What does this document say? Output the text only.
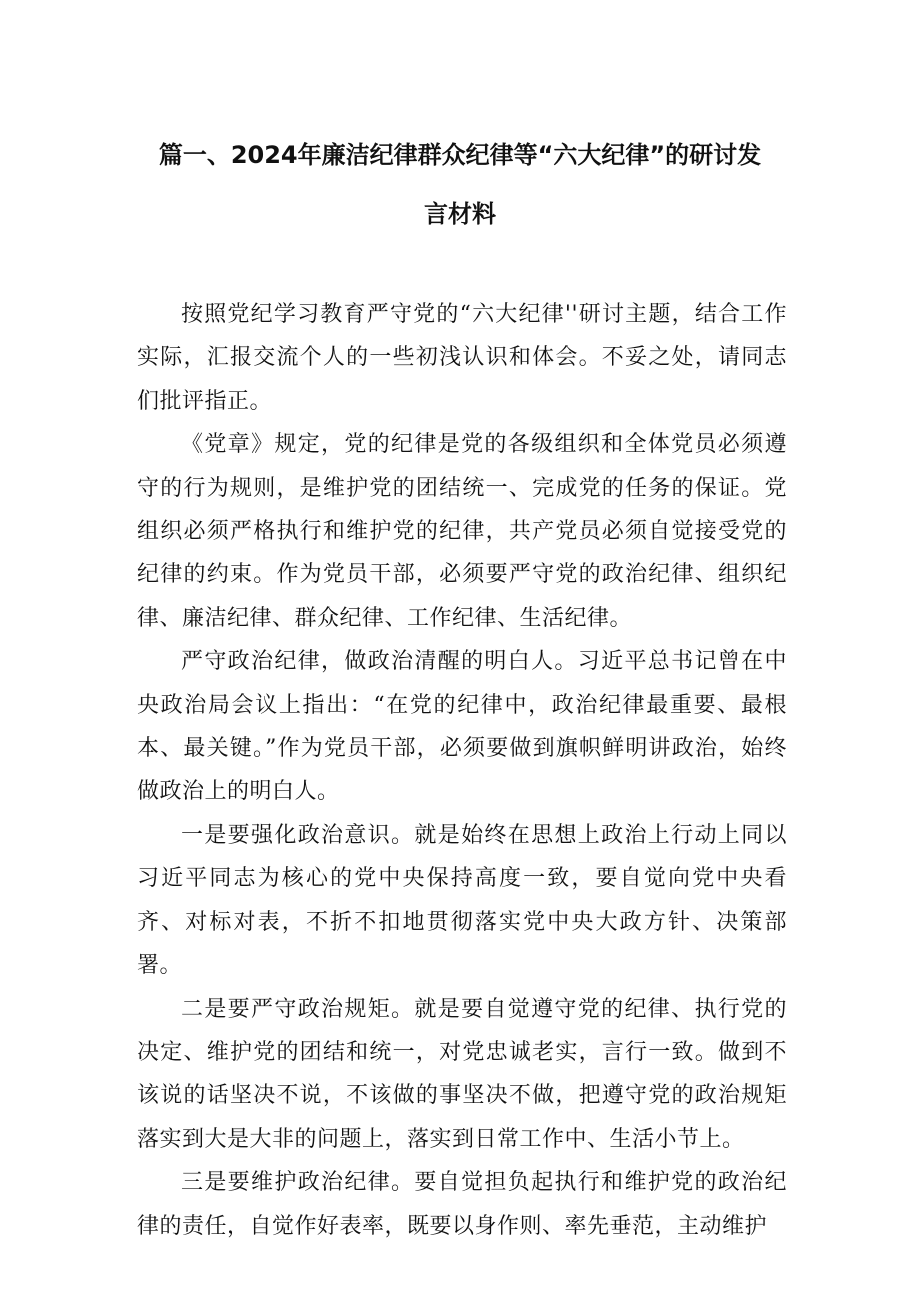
篇一、2024年廉洁纪律群众纪律等“六大纪律”的研讨发
言材料

按照党纪学习教育严守党的“六大纪律''研讨主题，结合工作实际，汇报交流个人的一些初浅认识和体会。不妥之处，请同志们批评指正。

《党章》规定，党的纪律是党的各级组织和全体党员必须遵守的行为规则，是维护党的团结统一、完成党的任务的保证。党组织必须严格执行和维护党的纪律，共产党员必须自觉接受党的纪律的约束。作为党员干部，必须要严守党的政治纪律、组织纪律、廉洁纪律、群众纪律、工作纪律、生活纪律。

严守政治纪律，做政治清醒的明白人。习近平总书记曾在中央政治局会议上指出：“在党的纪律中，政治纪律最重要、最根本、最关键。”作为党员干部，必须要做到旗帜鲜明讲政治，始终做政治上的明白人。

一是要强化政治意识。就是始终在思想上政治上行动上同以习近平同志为核心的党中央保持高度一致，要自觉向党中央看齐、对标对表，不折不扣地贯彻落实党中央大政方针、决策部署。

二是要严守政治规矩。就是要自觉遵守党的纪律、执行党的决定、维护党的团结和统一，对党忠诚老实，言行一致。做到不该说的话坚决不说，不该做的事坚决不做，把遵守党的政治规矩落实到大是大非的问题上，落实到日常工作中、生活小节上。

三是要维护政治纪律。要自觉担负起执行和维护党的政治纪律的责任，自觉作好表率，既要以身作则、率先垂范，主动维护
